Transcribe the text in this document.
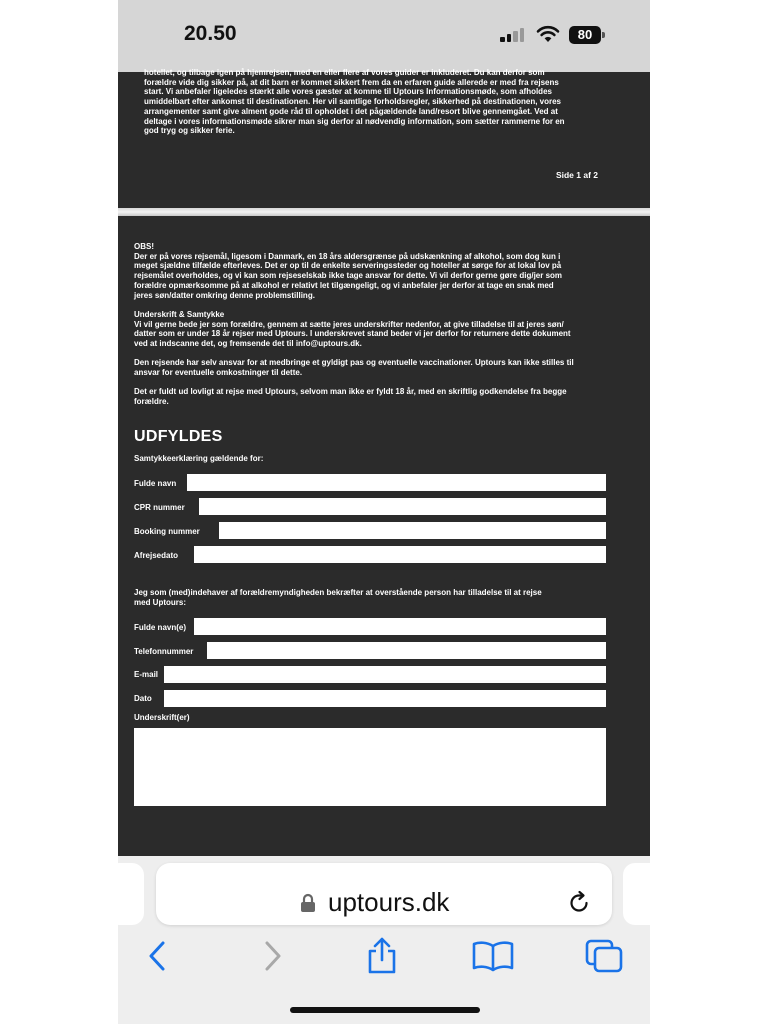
20.50	80
hotellet, og tilbage igen på hjemrejsen, med en eller flere af vores guider er inkluderet. Du kan derfor som
forældre vide dig sikker på, at dit barn er kommet sikkert frem da en erfaren guide allerede er med fra rejsens
start. Vi anbefaler ligeledes stærkt alle vores gæster at komme til Uptours Informationsmøde, som afholdes
umiddelbart efter ankomst til destinationen. Her vil samtlige forholdsregler, sikkerhed på destinationen, vores
arrangementer samt give alment gode råd til opholdet i det pågældende land/resort blive gennemgået. Ved at
deltage i vores informationsmøde sikrer man sig derfor al nødvendig information, som sætter rammerne for en
god tryg og sikker ferie.
Side 1 af 2
OBS!
Der er på vores rejsemål, ligesom i Danmark, en 18 års aldersgrænse på udskænkning af alkohol, som dog kun i
meget sjældne tilfælde efterleves. Det er op til de enkelte serveringssteder og hoteller at sørge for at lokal lov på
rejsemålet overholdes, og vi kan som rejseselskab ikke tage ansvar for dette. Vi vil derfor gerne gøre dig/jer som
forældre opmærksomme på at alkohol er relativt let tilgængeligt, og vi anbefaler jer derfor at tage en snak med
jeres søn/datter omkring denne problemstilling.
Underskrift & Samtykke
Vi vil gerne bede jer som forældre, gennem at sætte jeres underskrifter nedenfor, at give tilladelse til at jeres søn/
datter som er under 18 år rejser med Uptours. I underskrevet stand beder vi jer derfor for returnere dette dokument
ved at indscanne det, og fremsende det til info@uptours.dk.
Den rejsende har selv ansvar for at medbringe et gyldigt pas og eventuelle vaccinationer. Uptours kan ikke stilles til
ansvar for eventuelle omkostninger til dette.
Det er fuldt ud lovligt at rejse med Uptours, selvom man ikke er fyldt 18 år, med en skriftlig godkendelse fra begge
forældre.
UDFYLDES
Samtykkeerklæring gældende for:
Fulde navn
CPR nummer
Booking nummer
Afrejsedato
Jeg som (med)indehaver af forældremyndigheden bekræfter at overstående person har tilladelse til at rejse
med Uptours:
Fulde navn(e)
Telefonnummer
E-mail
Dato
Underskrift(er)
uptours.dk
